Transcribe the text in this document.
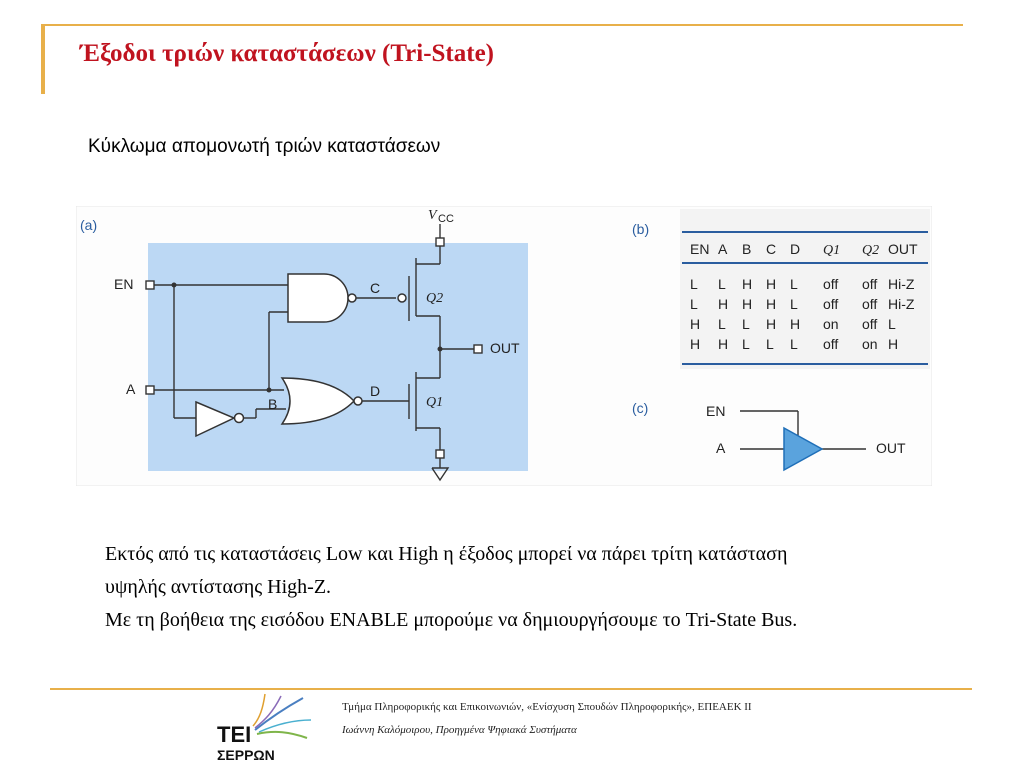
Έξοδοι τριών καταστάσεων (Tri-State)
Κύκλωμα απομονωτή τριών καταστάσεων
(a)
V CC
EN
A
B
C
D
OUT
Q2
Q1
(b)
EN A B C D Q1 Q2 OUT
L L H H L off off Hi-Z
L H H H L off off Hi-Z
H L L H H on off L
H H L L L off on H
(c)	EN
A	OUT
Εκτός από τις καταστάσεις Low και High η έξοδος μπορεί να πάρει τρίτη κατάσταση
υψηλής αντίστασης High-Z.
Με τη βοήθεια της εισόδου ENABLE μπορούμε να δημιουργήσουμε το Tri-State Bus.
ΤΕΙ
ΣΕΡΡΩΝ
Τμήμα Πληροφορικής και Επικοινωνιών, «Ενίσχυση Σπουδών Πληροφορικής», ΕΠΕΑΕΚ ΙΙ
Ιωάννη Καλόμοιρου, Προηγμένα Ψηφιακά Συστήματα
